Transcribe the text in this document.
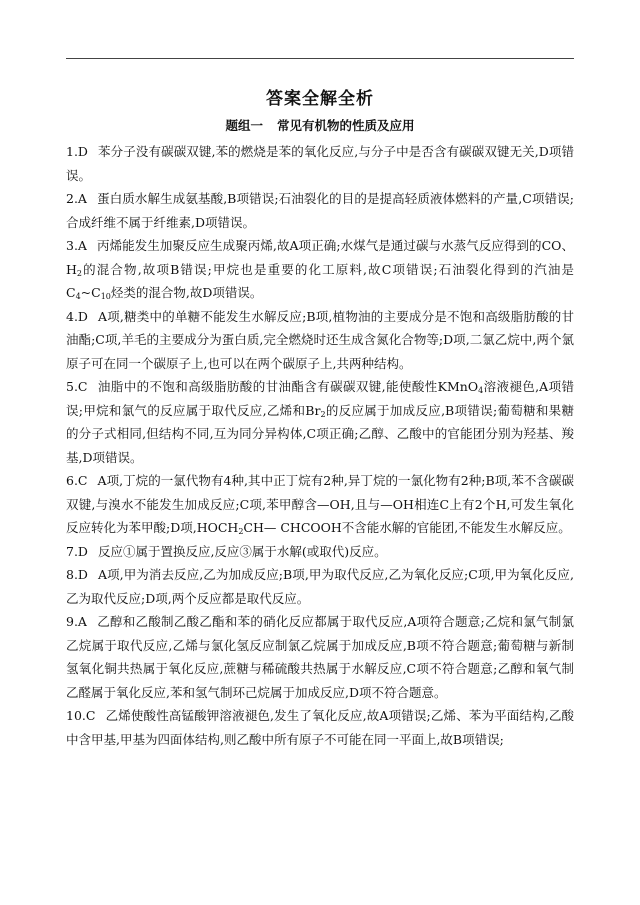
答案全解全析
题组一 常见有机物的性质及应用

1.D 苯分子没有碳碳双键,苯的燃烧是苯的氧化反应,与分子中是否含有碳碳双键无关,D项错误。

2.A 蛋白质水解生成氨基酸,B项错误;石油裂化的目的是提高轻质液体燃料的产量,C项错误;合成纤维不属于纤维素,D项错误。

3.A 丙烯能发生加聚反应生成聚丙烯,故A项正确;水煤气是通过碳与水蒸气反应得到的CO、$H_2$的混合物,故项B错误;甲烷也是重要的化工原料,故C项错误;石油裂化得到的汽油是$C_4\sim C_{10}$烃类的混合物,故D项错误。

4.D A项,糖类中的单糖不能发生水解反应;B项,植物油的主要成分是不饱和高级脂肪酸的甘油酯;C项,羊毛的主要成分为蛋白质,完全燃烧时还生成含氮化合物等;D项,二氯乙烷中,两个氯原子可在同一个碳原子上,也可以在两个碳原子上,共两种结构。

5.C 油脂中的不饱和高级脂肪酸的甘油酯含有碳碳双键,能使酸性KMnO$_4$溶液褪色,A项错误;甲烷和氯气的反应属于取代反应,乙烯和$Br_2$的反应属于加成反应,B项错误;葡萄糖和果糖的分子式相同,但结构不同,互为同分异构体,C项正确;乙醇、乙酸中的官能团分别为羟基、羧基,D项错误。

6.C A项,丁烷的一氯代物有4种,其中正丁烷有2种,异丁烷的一氯化物有2种;B项,苯不含碳碳双键,与溴水不能发生加成反应;C项,苯甲醇含—OH,且与—OH相连C上有2个H,可发生氧化反应转化为苯甲酸;D项$,HOCH_2CH—$ CHCOOH不含能水解的官能团,不能发生水解反应。

7.D 反应①属于置换反应,反应③属于水解(或取代)反应。

8.D A项,甲为消去反应,乙为加成反应;B项,甲为取代反应,乙为氧化反应;C项,甲为氧化反应,乙为取代反应;D项,两个反应都是取代反应。

9.A 乙醇和乙酸制乙酸乙酯和苯的硝化反应都属于取代反应,A项符合题意;乙烷和氯气制氯乙烷属于取代反应,乙烯与氯化氢反应制氯乙烷属于加成反应,B项不符合题意;葡萄糖与新制氢氧化铜共热属于氧化反应,蔗糖与稀硫酸共热属于水解反应,C项不符合题意;乙醇和氧气制乙醛属于氧化反应,苯和氢气制环己烷属于加成反应,D项不符合题意。

10.C 乙烯使酸性高锰酸钾溶液褪色,发生了氧化反应,故A项错误;乙烯、苯为平面结构,乙酸中含甲基,甲基为四面体结构,则乙酸中所有原子不可能在同一平面上,故B项错误;
